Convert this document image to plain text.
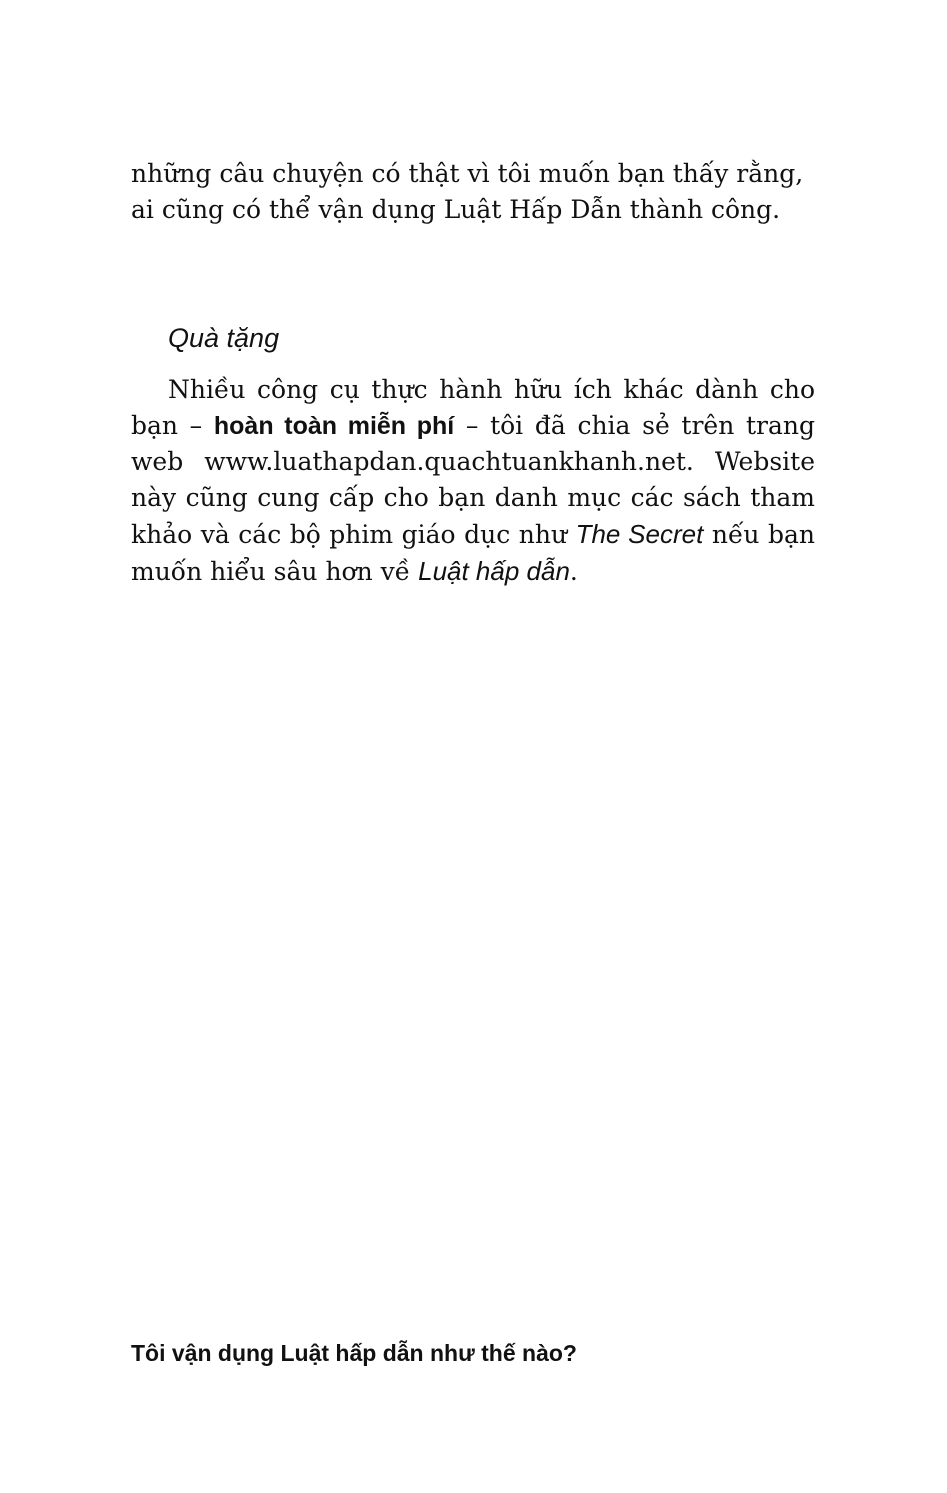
những câu chuyện có thật vì tôi muốn bạn thấy rằng,
ai cũng có thể vận dụng Luật Hấp Dẫn thành công.

Quà tặng

Nhiều công cụ thực hành hữu ích khác dành cho bạn – hoàn toàn miễn phí – tôi đã chia sẻ trên trang web www.luathapdan.quachtuankhanh.net. Website này cũng cung cấp cho bạn danh mục các sách tham khảo và các bộ phim giáo dục như The Secret nếu bạn muốn hiểu sâu hơn về Luật hấp dẫn.

Tôi vận dụng Luật hấp dẫn như thế nào?
